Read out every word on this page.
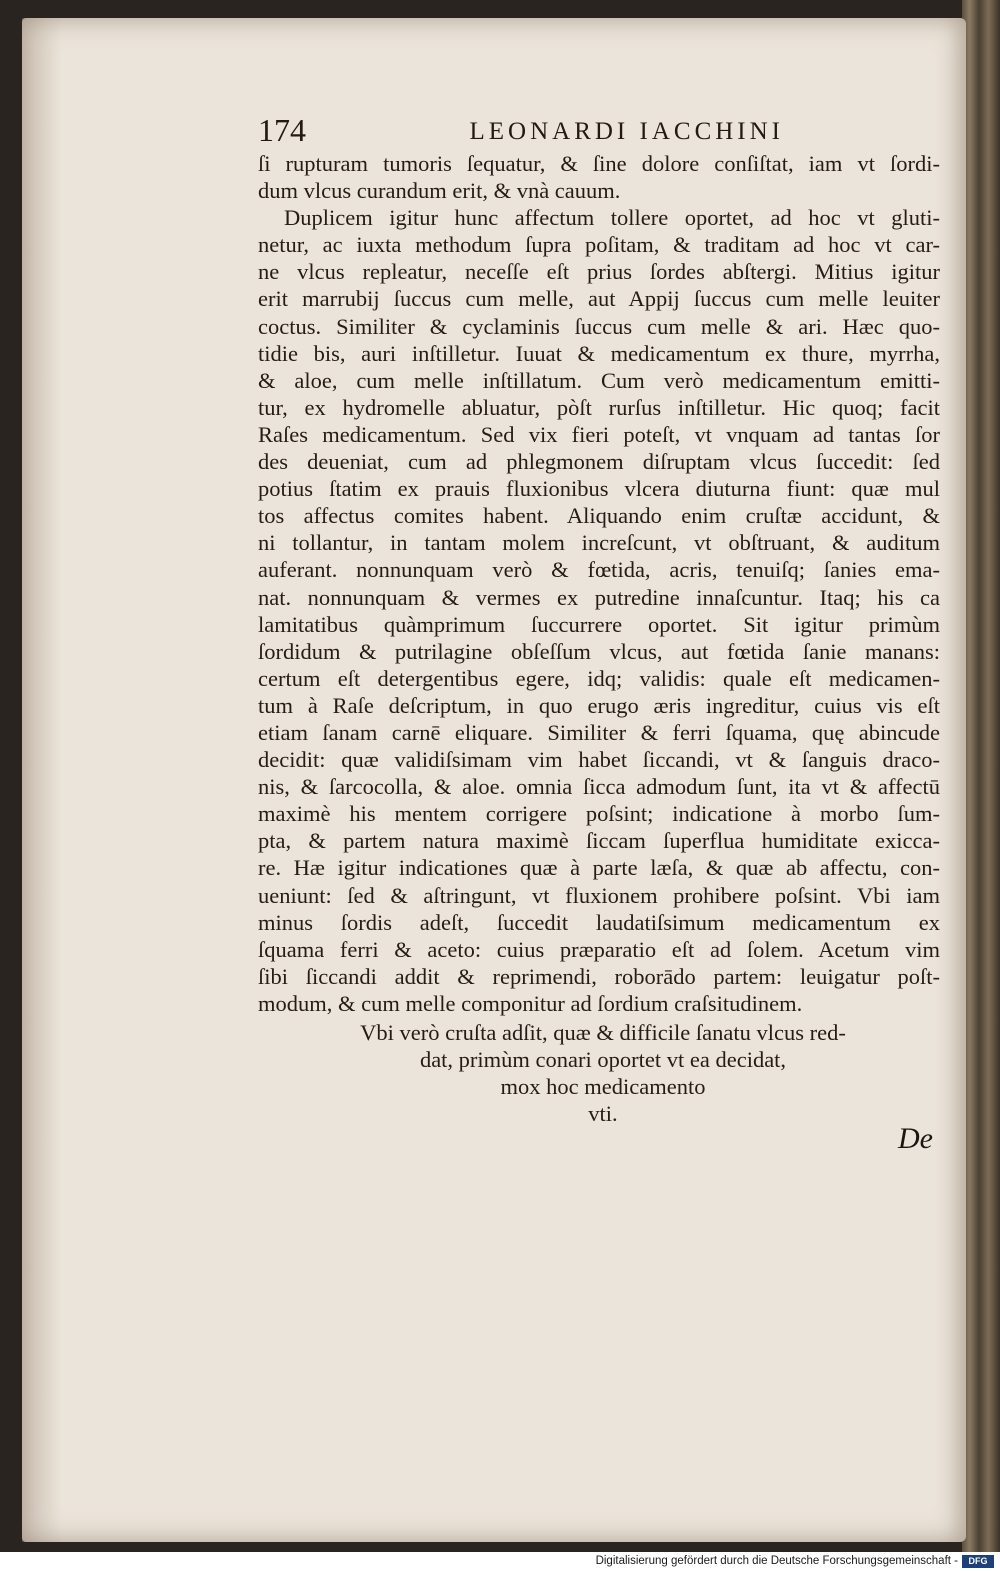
174	LEONARDI IACCHINI
ſi rupturam tumoris ſequatur, & ſine dolore conſiſtat, iam vt ſordi-
dum vlcus curandum erit, & vnà cauum.
Duplicem igitur hunc affectum tollere oportet, ad hoc vt gluti-
netur, ac iuxta methodum ſupra poſitam, & traditam ad hoc vt car-
ne vlcus repleatur, neceſſe eſt prius ſordes abſtergi. Mitius igitur
erit marrubij ſuccus cum melle, aut Appij ſuccus cum melle leuiter
coctus. Similiter & cyclaminis ſuccus cum melle & ari. Hæc quo-
tidie bis, auri inſtilletur. Iuuat & medicamentum ex thure, myrrha,
& aloe, cum melle inſtillatum. Cum verò medicamentum emitti-
tur, ex hydromelle abluatur, pòſt rurſus inſtilletur. Hic quoq; facit
Raſes medicamentum. Sed vix fieri poteſt, vt vnquam ad tantas ſor
des deueniat, cum ad phlegmonem diſruptam vlcus ſuccedit: ſed
potius ſtatim ex prauis fluxionibus vlcera diuturna fiunt: quæ mul
tos affectus comites habent. Aliquando enim cruſtæ accidunt, &
ni tollantur, in tantam molem increſcunt, vt obſtruant, & auditum
auferant. nonnunquam verò & fœtida, acris, tenuiſq; ſanies ema-
nat. nonnunquam & vermes ex putredine innaſcuntur. Itaq; his ca
lamitatibus quàmprimum ſuccurrere oportet. Sit igitur primùm
ſordidum & putrilagine obſeſſum vlcus, aut fœtida ſanie manans:
certum eſt detergentibus egere, idq; validis: quale eſt medicamen-
tum à Raſe deſcriptum, in quo erugo æris ingreditur, cuius vis eſt
etiam ſanam carnē eliquare. Similiter & ferri ſquama, quę abincude
decidit: quæ validiſsimam vim habet ſiccandi, vt & ſanguis draco-
nis, & ſarcocolla, & aloe. omnia ſicca admodum ſunt, ita vt & affectū
maximè his mentem corrigere poſsint; indicatione à morbo ſum-
pta, & partem natura maximè ſiccam ſuperflua humiditate exicca-
re. Hæ igitur indicationes quæ à parte læſa, & quæ ab affectu, con-
ueniunt: ſed & aſtringunt, vt fluxionem prohibere poſsint. Vbi iam
minus ſordis adeſt, ſuccedit laudatiſsimum medicamentum ex
ſquama ferri & aceto: cuius præparatio eſt ad ſolem. Acetum vim
ſibi ſiccandi addit & reprimendi, roborādo partem: leuigatur poſt-
modum, & cum melle componitur ad ſordium craſsitudinem.
Vbi verò cruſta adſit, quæ & difficile ſanatu vlcus red-
dat, primùm conari oportet vt ea decidat,
mox hoc medicamento
vti.
De
Digitalisierung gefördert durch die Deutsche Forschungsgemeinschaft -	DFG
